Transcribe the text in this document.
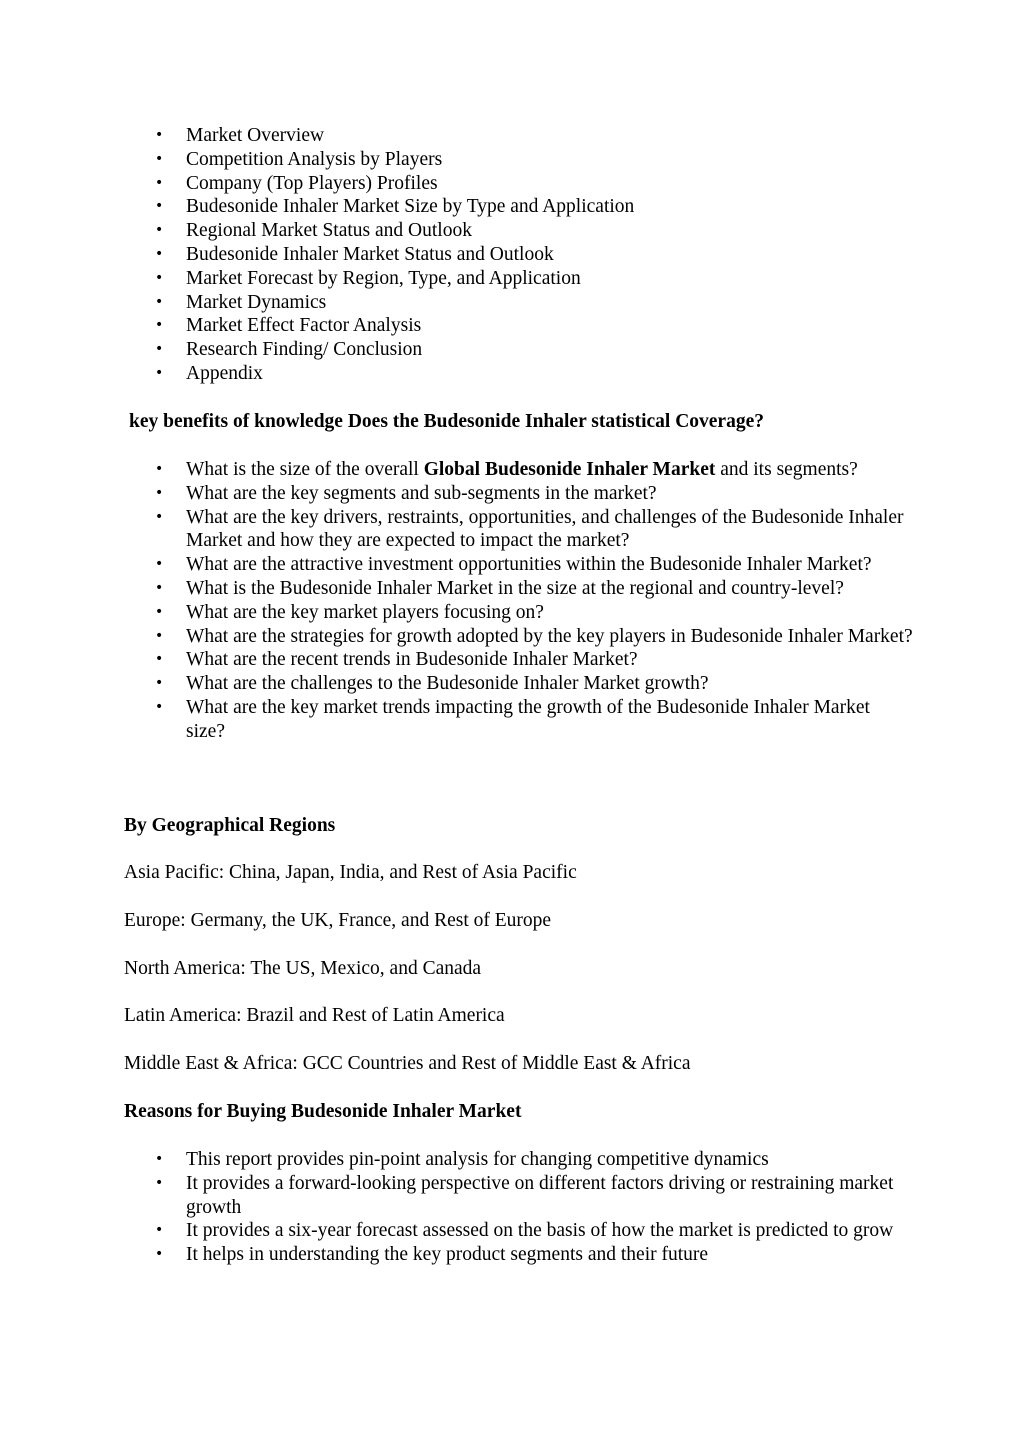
• Market Overview
• Competition Analysis by Players
• Company (Top Players) Profiles
• Budesonide Inhaler Market Size by Type and Application
• Regional Market Status and Outlook
• Budesonide Inhaler Market Status and Outlook
• Market Forecast by Region, Type, and Application
• Market Dynamics
• Market Effect Factor Analysis
• Research Finding/ Conclusion
• Appendix

key benefits of knowledge Does the Budesonide Inhaler statistical Coverage?

• What is the size of the overall Global Budesonide Inhaler Market and its segments?
• What are the key segments and sub-segments in the market?
• What are the key drivers, restraints, opportunities, and challenges of the Budesonide Inhaler Market and how they are expected to impact the market?
• What are the attractive investment opportunities within the Budesonide Inhaler Market?
• What is the Budesonide Inhaler Market in the size at the regional and country-level?
• What are the key market players focusing on?
• What are the strategies for growth adopted by the key players in Budesonide Inhaler Market?
• What are the recent trends in Budesonide Inhaler Market?
• What are the challenges to the Budesonide Inhaler Market growth?
• What are the key market trends impacting the growth of the Budesonide Inhaler Market size?

By Geographical Regions

Asia Pacific: China, Japan, India, and Rest of Asia Pacific

Europe: Germany, the UK, France, and Rest of Europe

North America: The US, Mexico, and Canada

Latin America: Brazil and Rest of Latin America

Middle East & Africa: GCC Countries and Rest of Middle East & Africa

Reasons for Buying Budesonide Inhaler Market

• This report provides pin-point analysis for changing competitive dynamics
• It provides a forward-looking perspective on different factors driving or restraining market growth
• It provides a six-year forecast assessed on the basis of how the market is predicted to grow
• It helps in understanding the key product segments and their future
